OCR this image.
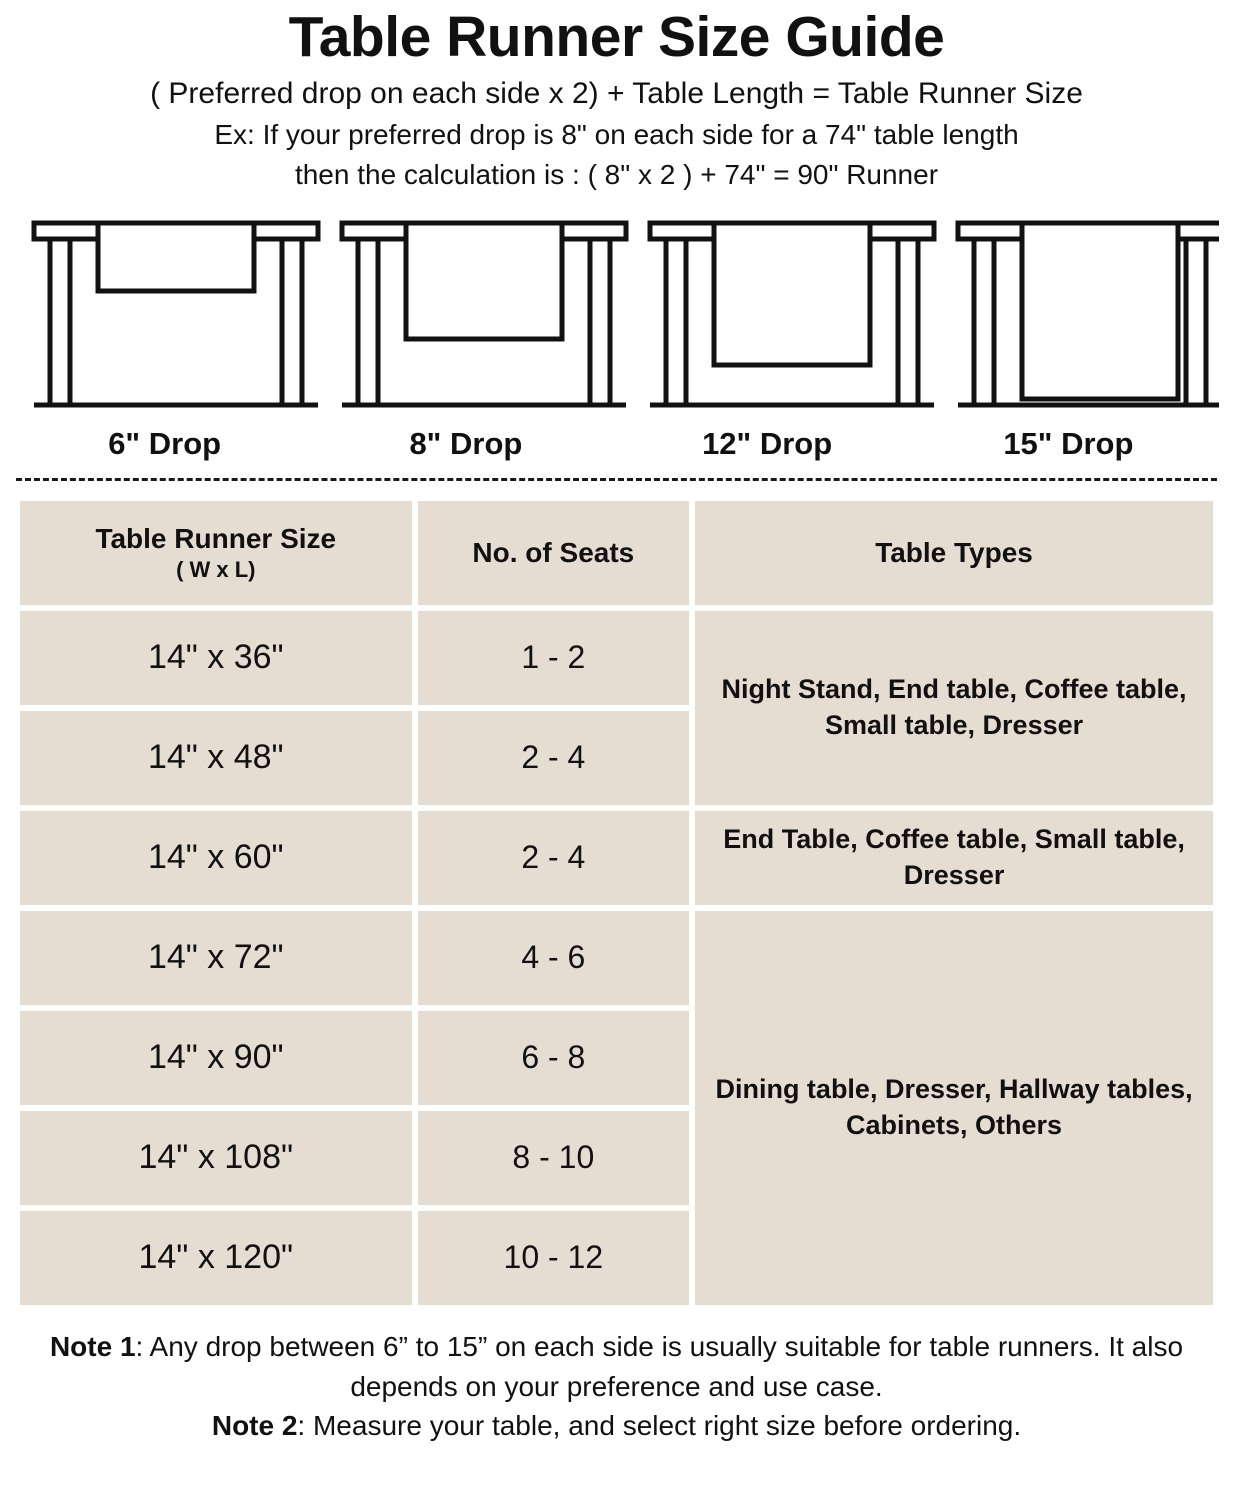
Table Runner Size Guide

( Preferred drop on each side x 2) + Table Length = Table Runner Size

Ex: If your preferred drop is 8" on each side for a 74" table length

then the calculation is : ( 8" x 2 ) + 74" = 90" Runner

6" Drop	8" Drop	12" Drop	15" Drop
Table Runner Size
( W x L)	No. of Seats	Table Types
14" x 36"	1 - 2	Night Stand, End table, Coffee table, Small table, Dresser
14" x 48"	2 - 4	
14" x 60"	2 - 4	End Table, Coffee table, Small table, Dresser
14" x 72"	4 - 6	Dining table, Dresser, Hallway tables, Cabinets, Others
14" x 90"	6 - 8	
14" x 108"	8 - 10	
14" x 120"	10 - 12	
Note 1: Any drop between 6” to 15” on each side is usually suitable for table runners. It also depends on your preference and use case.
Note 2: Measure your table, and select right size before ordering.
